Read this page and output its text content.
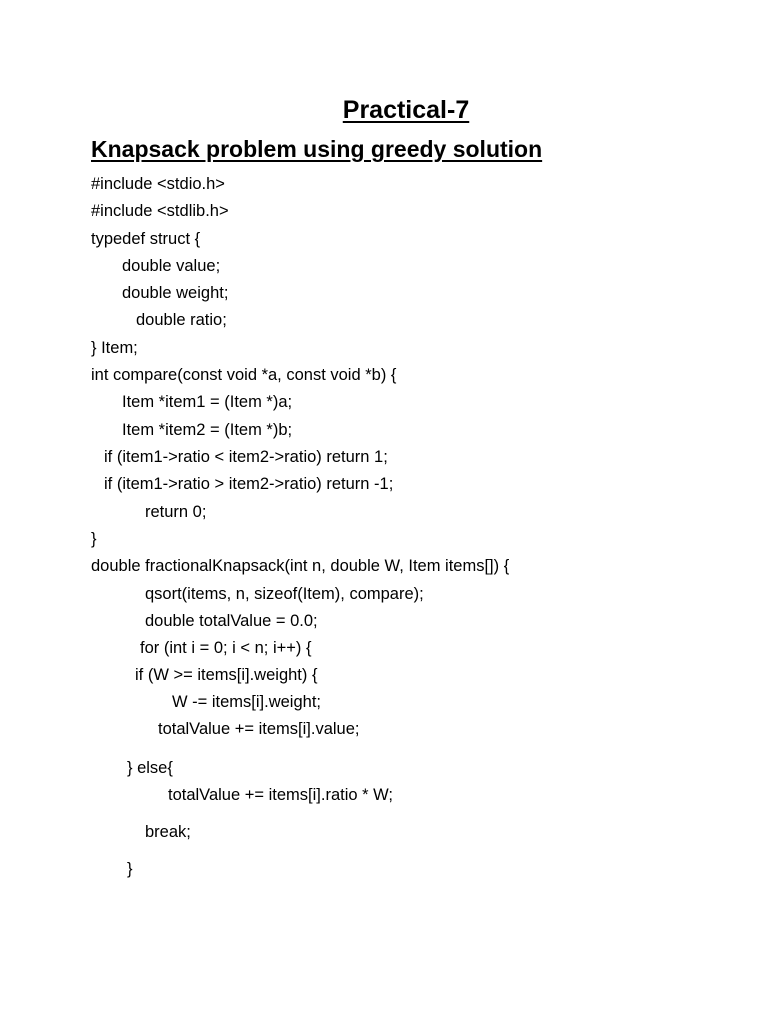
Practical-7
Knapsack problem using greedy solution
#include <stdio.h>
#include <stdlib.h>
typedef struct {
double value;
double weight;
double ratio;
} Item;
int compare(const void *a, const void *b) {
Item *item1 = (Item *)a;
Item *item2 = (Item *)b;
if (item1->ratio < item2->ratio) return 1;
if (item1->ratio > item2->ratio) return -1;
return 0;
}
double fractionalKnapsack(int n, double W, Item items[]) {
qsort(items, n, sizeof(Item), compare);
double totalValue = 0.0;
for (int i = 0; i < n; i++) {
if (W >= items[i].weight) {
W -= items[i].weight;
totalValue += items[i].value;
} else{
totalValue += items[i].ratio * W;
break;
}
